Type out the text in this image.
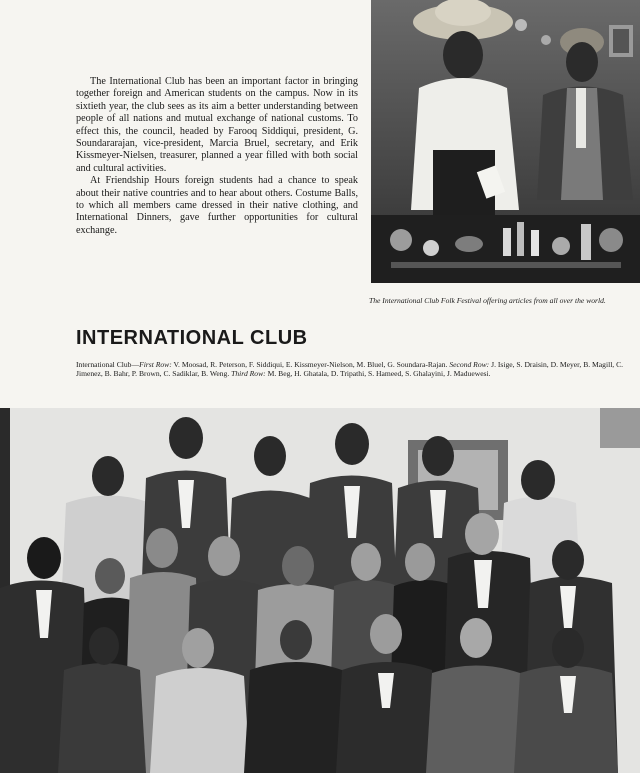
The International Club has been an important factor in bringing together foreign and American students on the campus. Now in its sixtieth year, the club sees as its aim a better understanding between people of all nations and mutual exchange of national customs. To effect this, the council, headed by Farooq Siddiqui, president, G. Soundararajan, vice-president, Marcia Bruel, secretary, and Erik Kissmeyer-Nielsen, treasurer, planned a year filled with both social and cultural activities.

At Friendship Hours foreign students had a chance to speak about their native countries and to hear about others. Costume Balls, to which all members came dressed in their native clothing, and International Dinners, gave further opportunities for cultural exchange.

The International Club Folk Festival offering articles from all over the world.

INTERNATIONAL CLUB

International Club—First Row: V. Moosad, R. Peterson, F. Siddiqui, E. Kissmeyer-Nielson, M. Bluel, G. Soundara-Rajan. Second Row: J. Isige, S. Draisin, D. Meyer, B. Magill, C. Jimenez, B. Bahr, P. Brown, C. Sadiklar, B. Weng. Third Row: M. Beg, H. Ghatala, D. Tripathi, S. Hameed, S. Ghalayini, J. Maduewesi.
